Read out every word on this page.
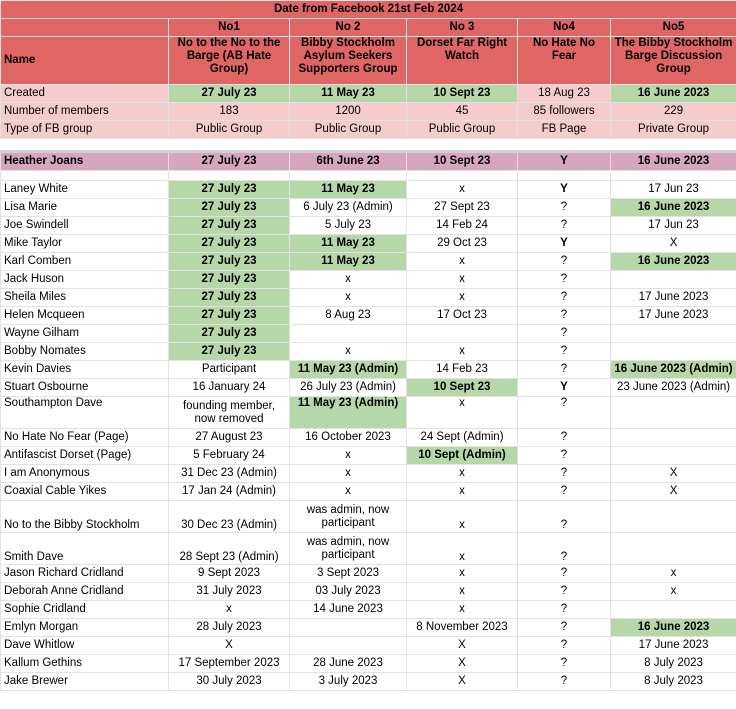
Date from Facebook 21st Feb 2024					
	No1	No 2	No 3	No4	No5
Name	No to the No to the Barge (AB Hate Group)	Bibby Stockholm Asylum Seekers Supporters Group	Dorset Far Right Watch	No Hate No Fear	The Bibby Stockholm Barge Discussion Group
Created	27 July 23	11 May 23	10 Sept 23	18 Aug 23	16 June 2023
Number of members	183	1200	45	85 followers	229
Type of FB group	Public Group	Public Group	Public Group	FB Page	Private Group

Heather Joans	27 July 23	6th June 23	10 Sept 23	Y	16 June 2023

Laney White	27 July 23	11 May 23	x	Y	17 Jun 23
Lisa Marie	27 July 23	6 July 23 (Admin)	27 Sept 23	?	16 June 2023
Joe Swindell	27 July 23	5 July 23	14 Feb 24	?	17 Jun 23
Mike Taylor	27 July 23	11 May 23	29 Oct 23	Y	X
Karl Comben	27 July 23	11 May 23	x	?	16 June 2023
Jack Huson	27 July 23	x	x	?	
Sheila Miles	27 July 23	x	x	?	17 June 2023
Helen Mcqueen	27 July 23	8 Aug 23	17 Oct 23	?	17 June 2023
Wayne Gilham	27 July 23			?	
Bobby Nomates	27 July 23	x	x	?	
Kevin Davies	Participant	11 May 23 (Admin)	14 Feb 23	?	16 June 2023 (Admin)
Stuart Osbourne	16 January 24	26 July 23 (Admin)	10 Sept 23	Y	23 June 2023 (Admin)
Southampton Dave	founding member, now removed	11 May 23 (Admin)	x	?	
No Hate No Fear (Page)	27 August 23	16 October 2023	24 Sept (Admin)	?	
Antifascist Dorset (Page)	5 February 24	x	10 Sept (Admin)	?	
I am Anonymous	31 Dec 23 (Admin)	x	x	?	X
Coaxial Cable Yikes	17 Jan 24 (Admin)	x	x	?	X
No to the Bibby Stockholm	30 Dec 23 (Admin)	was admin, now participant	x	?	
Smith Dave	28 Sept 23 (Admin)	was admin, now participant	x	?	
Jason Richard Cridland	9 Sept 2023	3 Sept 2023	x	?	x
Deborah Anne Cridland	31 July 2023	03 July 2023	x	?	x
Sophie Cridland	x	14 June 2023	x	?	
Emlyn Morgan	28 July 2023		8 November 2023	?	16 June 2023
Dave Whitlow	X		X	?	17 June 2023
Kallum Gethins	17 September 2023	28 June 2023	X	?	8 July 2023
Jake Brewer	30 July 2023	3 July 2023	X	?	8 July 2023
